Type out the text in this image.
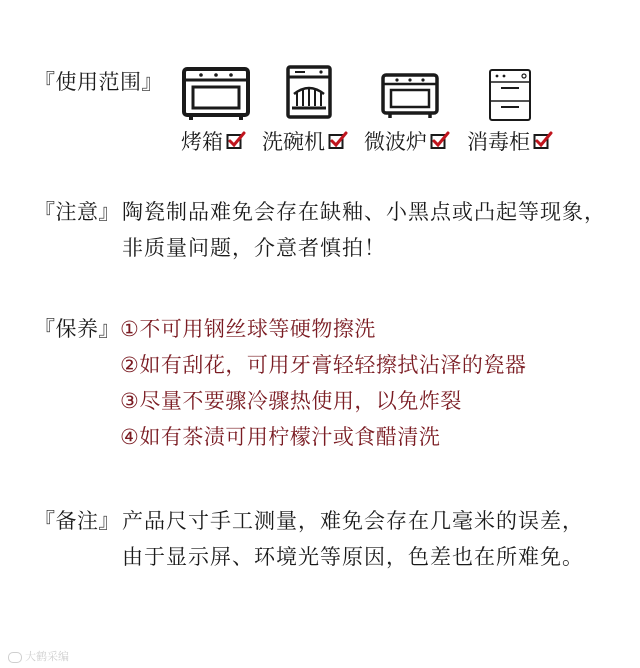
『使用范围』
烤箱 洗碗机 微波炉 消毒柜
『注意』 陶瓷制品难免会存在缺釉、小黑点或凸起等现象，
非质量问题，介意者慎拍！
『保养』 ①不可用钢丝球等硬物擦洗
②如有刮花，可用牙膏轻轻擦拭沾泽的瓷器
③尽量不要骤冷骤热使用，以免炸裂
④如有茶渍可用柠檬汁或食醋清洗
『备注』 产品尺寸手工测量，难免会存在几毫米的误差，
由于显示屏、环境光等原因，色差也在所难免。
大鹤采编
